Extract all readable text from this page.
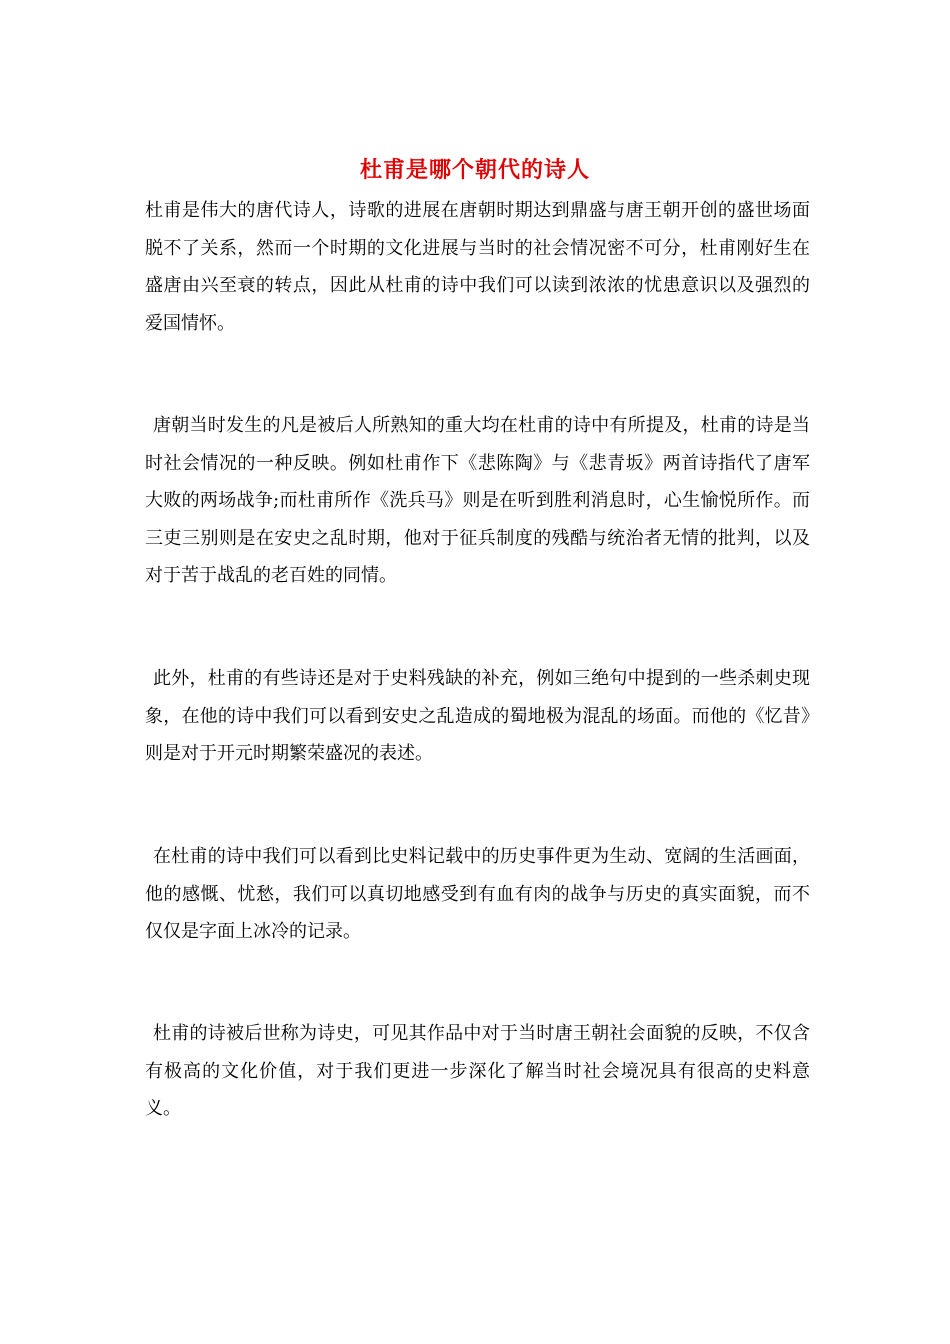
杜甫是哪个朝代的诗人

杜甫是伟大的唐代诗人，诗歌的进展在唐朝时期达到鼎盛与唐王朝开创的盛世场面脱不了关系，然而一个时期的文化进展与当时的社会情况密不可分，杜甫刚好生在盛唐由兴至衰的转点，因此从杜甫的诗中我们可以读到浓浓的忧患意识以及强烈的爱国情怀。

唐朝当时发生的凡是被后人所熟知的重大均在杜甫的诗中有所提及，杜甫的诗是当时社会情况的一种反映。例如杜甫作下《悲陈陶》与《悲青坂》两首诗指代了唐军大败的两场战争;而杜甫所作《洗兵马》则是在听到胜利消息时，心生愉悦所作。而三吏三别则是在安史之乱时期，他对于征兵制度的残酷与统治者无情的批判，以及对于苦于战乱的老百姓的同情。

此外，杜甫的有些诗还是对于史料残缺的补充，例如三绝句中提到的一些杀刺史现象，在他的诗中我们可以看到安史之乱造成的蜀地极为混乱的场面。而他的《忆昔》则是对于开元时期繁荣盛况的表述。

在杜甫的诗中我们可以看到比史料记载中的历史事件更为生动、宽阔的生活画面，他的感慨、忧愁，我们可以真切地感受到有血有肉的战争与历史的真实面貌，而不仅仅是字面上冰冷的记录。

杜甫的诗被后世称为诗史，可见其作品中对于当时唐王朝社会面貌的反映，不仅含有极高的文化价值，对于我们更进一步深化了解当时社会境况具有很高的史料意义。
